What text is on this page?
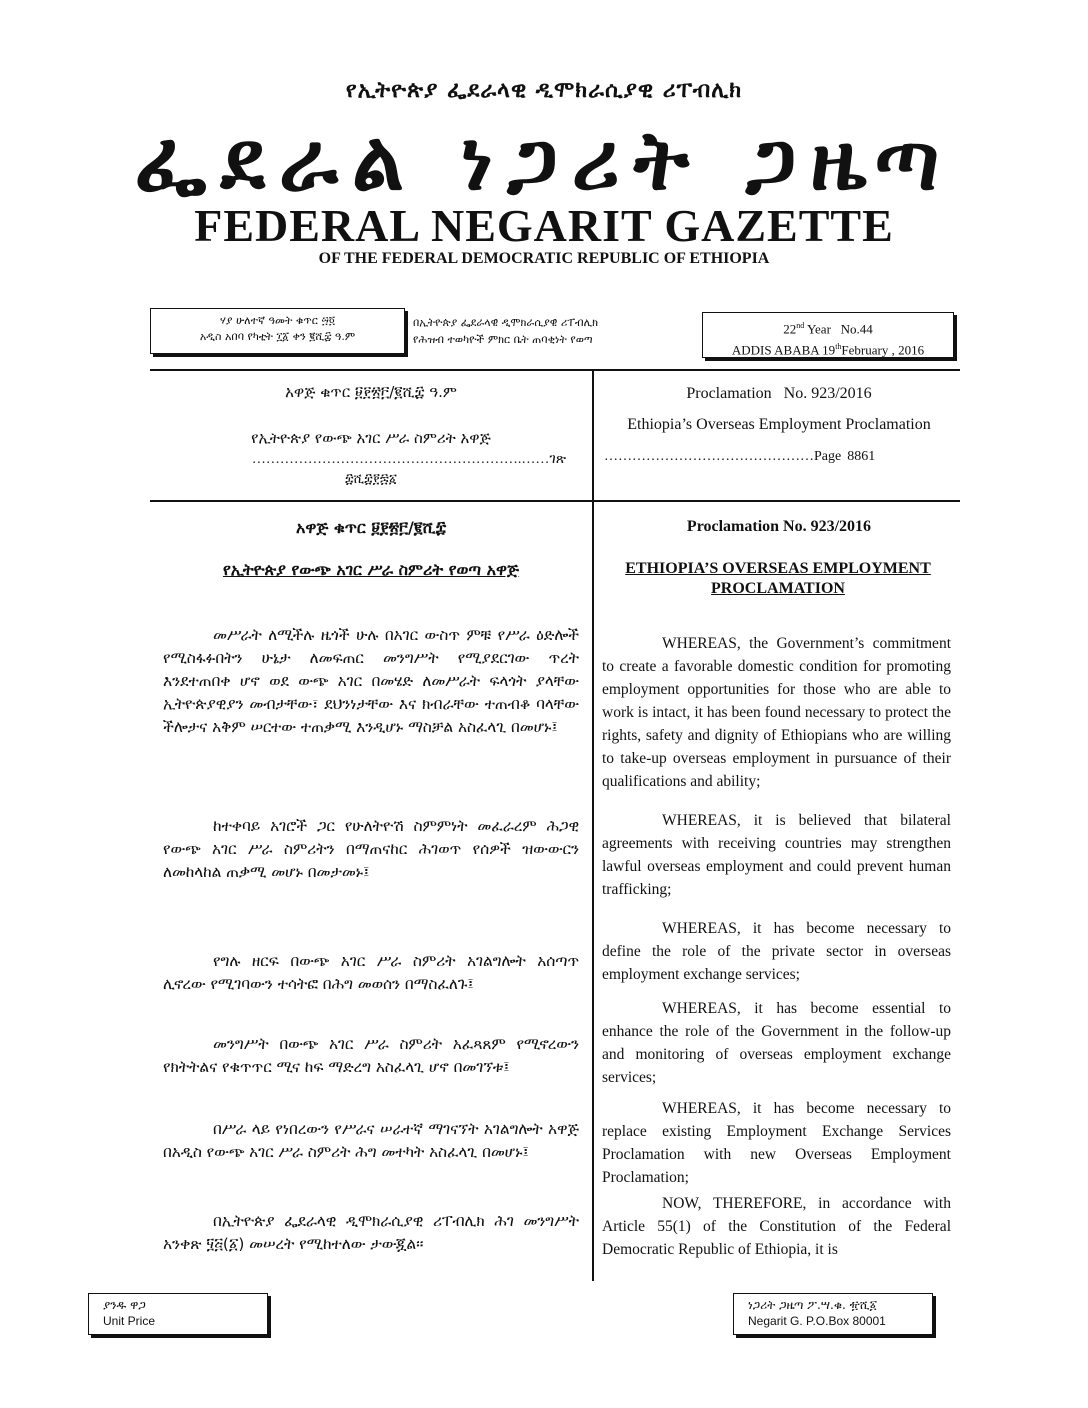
የኢትዮጵያ ፌደራላዊ ዲሞክራሲያዊ ሪፐብሊክ
ፌደራል ነጋሪት ጋዜጣ
FEDERAL NEGARIT GAZETTE
OF THE FEDERAL DEMOCRATIC REPUBLIC OF ETHIOPIA
ሃያ ሁለተኛ ዓመት ቁጥር ፵፬
አዲስ አበባ የካቲት ፲፩ ቀን ፪ሺ፰ ዓ.ም
በኢትዮጵያ ፌደራላዊ ዲሞክራሲያዊ ሪፐብሊክ
የሕዝብ ተወካዮች ምክር ቤት ጠባቂነት የወጣ
22nd Year   No.44
ADDIS ABABA 19thFebruary , 2016
አዋጅ ቁጥር ፱፻፳፫/፪ሺ፰ ዓ.ም
የኢትዮጵያ የውጭ አገር ሥራ ስምሪት አዋጅ
………………………………………………….……ገጽ
፰ሺ፰፻፷፩
Proclamation   No. 923/2016
Ethiopia’s Overseas Employment Proclamation
………………………………………Page 8861
አዋጅ ቁጥር ፱፻፳፫/፪ሺ፰
የኢትዮጵያ የውጭ አገር ሥራ ስምሪት የወጣ አዋጅ
መሥራት ለሚችሉ ዜጎች ሁሉ በአገር ውስጥ ምቹ የሥራ ዕድሎች የሚስፋፉበትን ሁኔታ ለመፍጠር መንግሥት የሚያደርገው ጥረት እንደተጠበቀ ሆኖ ወደ ውጭ አገር በመሄድ ለመሥራት ፍላጎት ያላቸው ኢትዮጵያዊያን መብታቸው፣ ደህንነታቸው እና ክብራቸው ተጠብቆ ባላቸው ችሎታና አቅም ሠርተው ተጠቃሚ እንዲሆኑ ማስቻል አስፈላጊ በመሆኑ፤
ከተቀባይ አገሮች ጋር የሁለትዮሽ ስምምነት መፈራረም ሕጋዊ የውጭ አገር ሥራ ስምሪትን በማጠናከር ሕገወጥ የሰዎች ዝውውርን ለመከላከል ጠቃሚ መሆኑ በመታመኑ፤
የግሉ ዘርፍ በውጭ አገር ሥራ ስምሪት አገልግሎት አሰጣጥ ሊኖረው የሚገባውን ተሳትፎ በሕግ መወሰን በማስፈለጉ፤
መንግሥት በውጭ አገር ሥራ ስምሪት አፈጻጸም የሚኖረውን የክትትልና የቁጥጥር ሚና ከፍ ማድረግ አስፈላጊ ሆኖ በመገኘቱ፤
በሥራ ላይ የነበረውን የሥራና ሠራተኛ ማገናኘት አገልግሎት አዋጅ በአዲስ የውጭ አገር ሥራ ስምሪት ሕግ መተካት አስፈላጊ በመሆኑ፤
በኢትዮጵያ ፌደራላዊ ዲሞክራሲያዊ ሪፐብሊክ ሕገ መንግሥት አንቀጽ ፶፭(፩) መሠረት የሚከተለው ታውጇል፡፡
Proclamation No. 923/2016
ETHIOPIA’S OVERSEAS EMPLOYMENT PROCLAMATION
WHEREAS, the Government’s commitment to create a favorable domestic condition for promoting employment opportunities for those who are able to work is intact, it has been found necessary to protect the rights, safety and dignity of Ethiopians who are willing to take-up overseas employment in pursuance of their qualifications and ability;
WHEREAS, it is believed that bilateral agreements with receiving countries may strengthen lawful overseas employment and could prevent human trafficking;
WHEREAS, it has become necessary to define the role of the private sector in overseas employment exchange services;
WHEREAS, it has become essential to enhance the role of the Government in the follow-up and monitoring of overseas employment exchange services;
WHEREAS, it has become necessary to replace existing Employment Exchange Services Proclamation with new Overseas Employment Proclamation;
NOW, THEREFORE, in accordance with Article 55(1) of the Constitution of the Federal Democratic Republic of Ethiopia, it is
ያንዱ ዋጋ
Unit Price
ነጋሪት ጋዜጣ ፖ.ሣ.ቁ. ፹ሺ፩
Negarit G. P.O.Box 80001
